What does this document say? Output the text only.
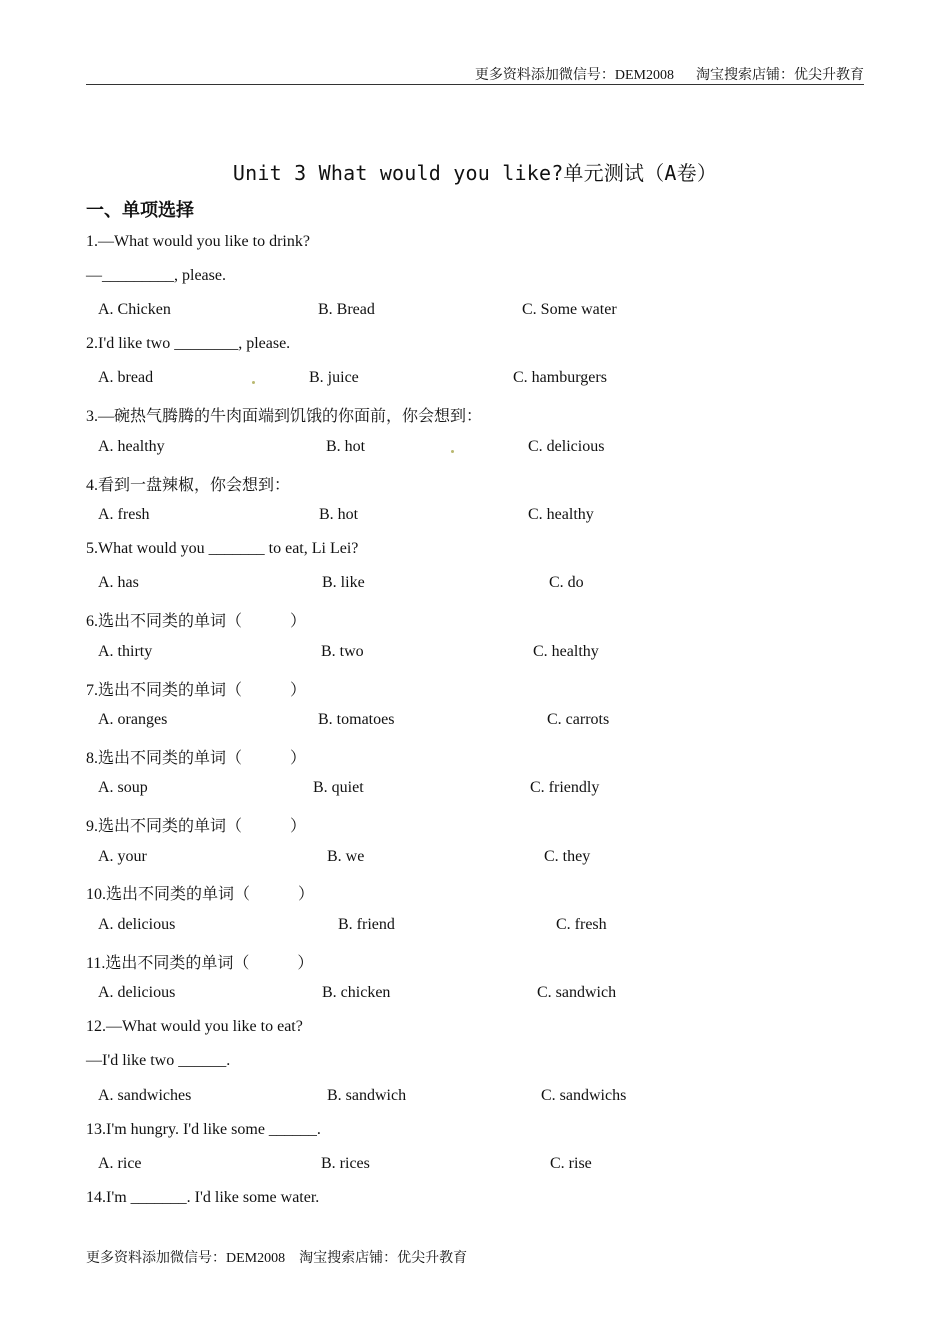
更多资料添加微信号：DEM2008 淘宝搜索店铺：优尖升教育
Unit 3 What would you like?单元测试（A卷）
一、单项选择
1.—What would you like to drink?
—_________, please.
A. Chicken	B. Bread	C. Some water
2.I'd like two ________, please.
A. bread	B. juice	C. hamburgers
3.—碗热气腾腾的牛肉面端到饥饿的你面前，你会想到：
A. healthy	B. hot	C. delicious
4.看到一盘辣椒，你会想到：
A. fresh	B. hot	C. healthy
5.What would you _______ to eat, Li Lei?
A. has	B. like	C. do
6.选出不同类的单词（　　　）
A. thirty	B. two	C. healthy
7.选出不同类的单词（　　　）
A. oranges	B. tomatoes	C. carrots
8.选出不同类的单词（　　　）
A. soup	B. quiet	C. friendly
9.选出不同类的单词（　　　）
A. your	B. we	C. they
10.选出不同类的单词（　　　）
A. delicious	B. friend	C. fresh
11.选出不同类的单词（　　　）
A. delicious	B. chicken	C. sandwich
12.—What would you like to eat?
—I'd like two ______.
A. sandwiches	B. sandwich	C. sandwichs
13.I'm hungry. I'd like some ______.
A. rice	B. rices	C. rise
14.I'm _______. I'd like some water.
更多资料添加微信号：DEM2008 淘宝搜索店铺：优尖升教育
